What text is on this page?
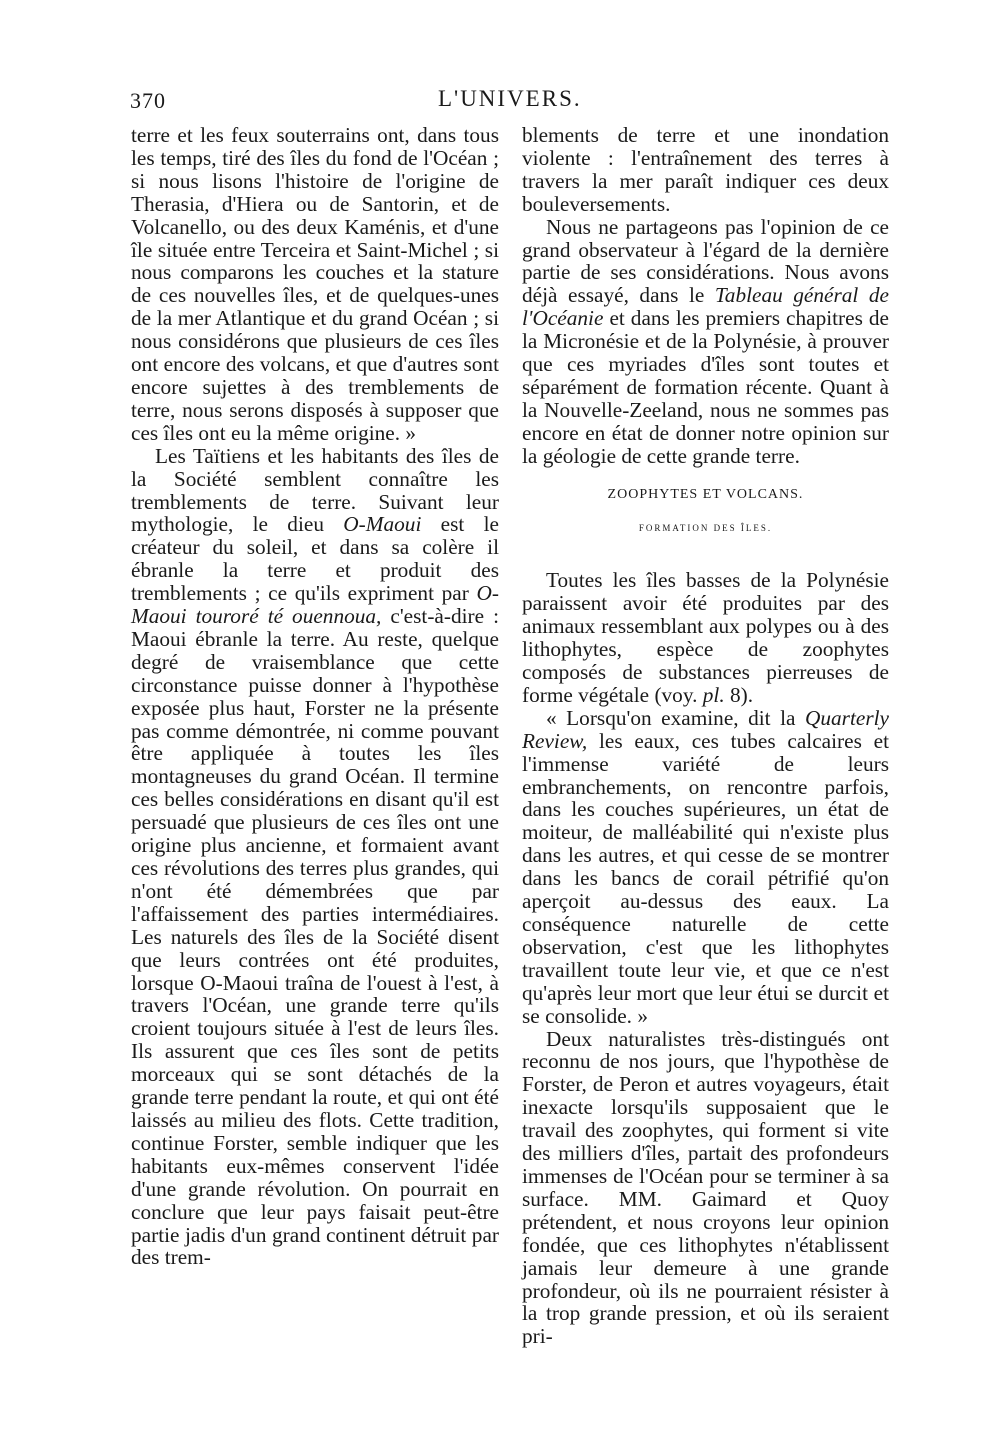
370	L'UNIVERS.

terre et les feux souterrains ont, dans tous les temps, tiré des îles du fond de l'Océan ; si nous lisons l'histoire de l'origine de Therasia, d'Hiera ou de Santorin, et de Volcanello, ou des deux Kaménis, et d'une île située entre Terceira et Saint-Michel ; si nous comparons les couches et la stature de ces nouvelles îles, et de quelques-unes de la mer Atlantique et du grand Océan ; si nous considérons que plusieurs de ces îles ont encore des volcans, et que d'autres sont encore sujettes à des tremblements de terre, nous serons disposés à supposer que ces îles ont eu la même origine. »

Les Taïtiens et les habitants des îles de la Société semblent connaître les tremblements de terre. Suivant leur mythologie, le dieu O-Maoui est le créateur du soleil, et dans sa colère il ébranle la terre et produit des tremblements ; ce qu'ils expriment par O-Maoui touroré té ouennoua, c'est-à-dire : Maoui ébranle la terre. Au reste, quelque degré de vraisemblance que cette circonstance puisse donner à l'hypothèse exposée plus haut, Forster ne la présente pas comme démontrée, ni comme pouvant être appliquée à toutes les îles montagneuses du grand Océan. Il termine ces belles considérations en disant qu'il est persuadé que plusieurs de ces îles ont une origine plus ancienne, et formaient avant ces révolutions des terres plus grandes, qui n'ont été démembrées que par l'affaissement des parties intermédiaires. Les naturels des îles de la Société disent que leurs contrées ont été produites, lorsque O-Maoui traîna de l'ouest à l'est, à travers l'Océan, une grande terre qu'ils croient toujours située à l'est de leurs îles. Ils assurent que ces îles sont de petits morceaux qui se sont détachés de la grande terre pendant la route, et qui ont été laissés au milieu des flots. Cette tradition, continue Forster, semble indiquer que les habitants eux-mêmes conservent l'idée d'une grande révolution. On pourrait en conclure que leur pays faisait peut-être partie jadis d'un grand continent détruit par des trem-

blements de terre et une inondation violente : l'entraînement des terres à travers la mer paraît indiquer ces deux bouleversements.

Nous ne partageons pas l'opinion de ce grand observateur à l'égard de la dernière partie de ses considérations. Nous avons déjà essayé, dans le Tableau général de l'Océanie et dans les premiers chapitres de la Micronésie et de la Polynésie, à prouver que ces myriades d'îles sont toutes et séparément de formation récente. Quant à la Nouvelle-Zeeland, nous ne sommes pas encore en état de donner notre opinion sur la géologie de cette grande terre.

ZOOPHYTES ET VOLCANS.
FORMATION DES ÎLES.

Toutes les îles basses de la Polynésie paraissent avoir été produites par des animaux ressemblant aux polypes ou à des lithophytes, espèce de zoophytes composés de substances pierreuses de forme végétale (voy. pl. 8).

« Lorsqu'on examine, dit la Quarterly Review, les eaux, ces tubes calcaires et l'immense variété de leurs embranchements, on rencontre parfois, dans les couches supérieures, un état de moiteur, de malléabilité qui n'existe plus dans les autres, et qui cesse de se montrer dans les bancs de corail pétrifié qu'on aperçoit au-dessus des eaux. La conséquence naturelle de cette observation, c'est que les lithophytes travaillent toute leur vie, et que ce n'est qu'après leur mort que leur étui se durcit et se consolide. »

Deux naturalistes très-distingués ont reconnu de nos jours, que l'hypothèse de Forster, de Peron et autres voyageurs, était inexacte lorsqu'ils supposaient que le travail des zoophytes, qui forment si vite des milliers d'îles, partait des profondeurs immenses de l'Océan pour se terminer à sa surface. MM. Gaimard et Quoy prétendent, et nous croyons leur opinion fondée, que ces lithophytes n'établissent jamais leur demeure à une grande profondeur, où ils ne pourraient résister à la trop grande pression, et où ils seraient pri-
